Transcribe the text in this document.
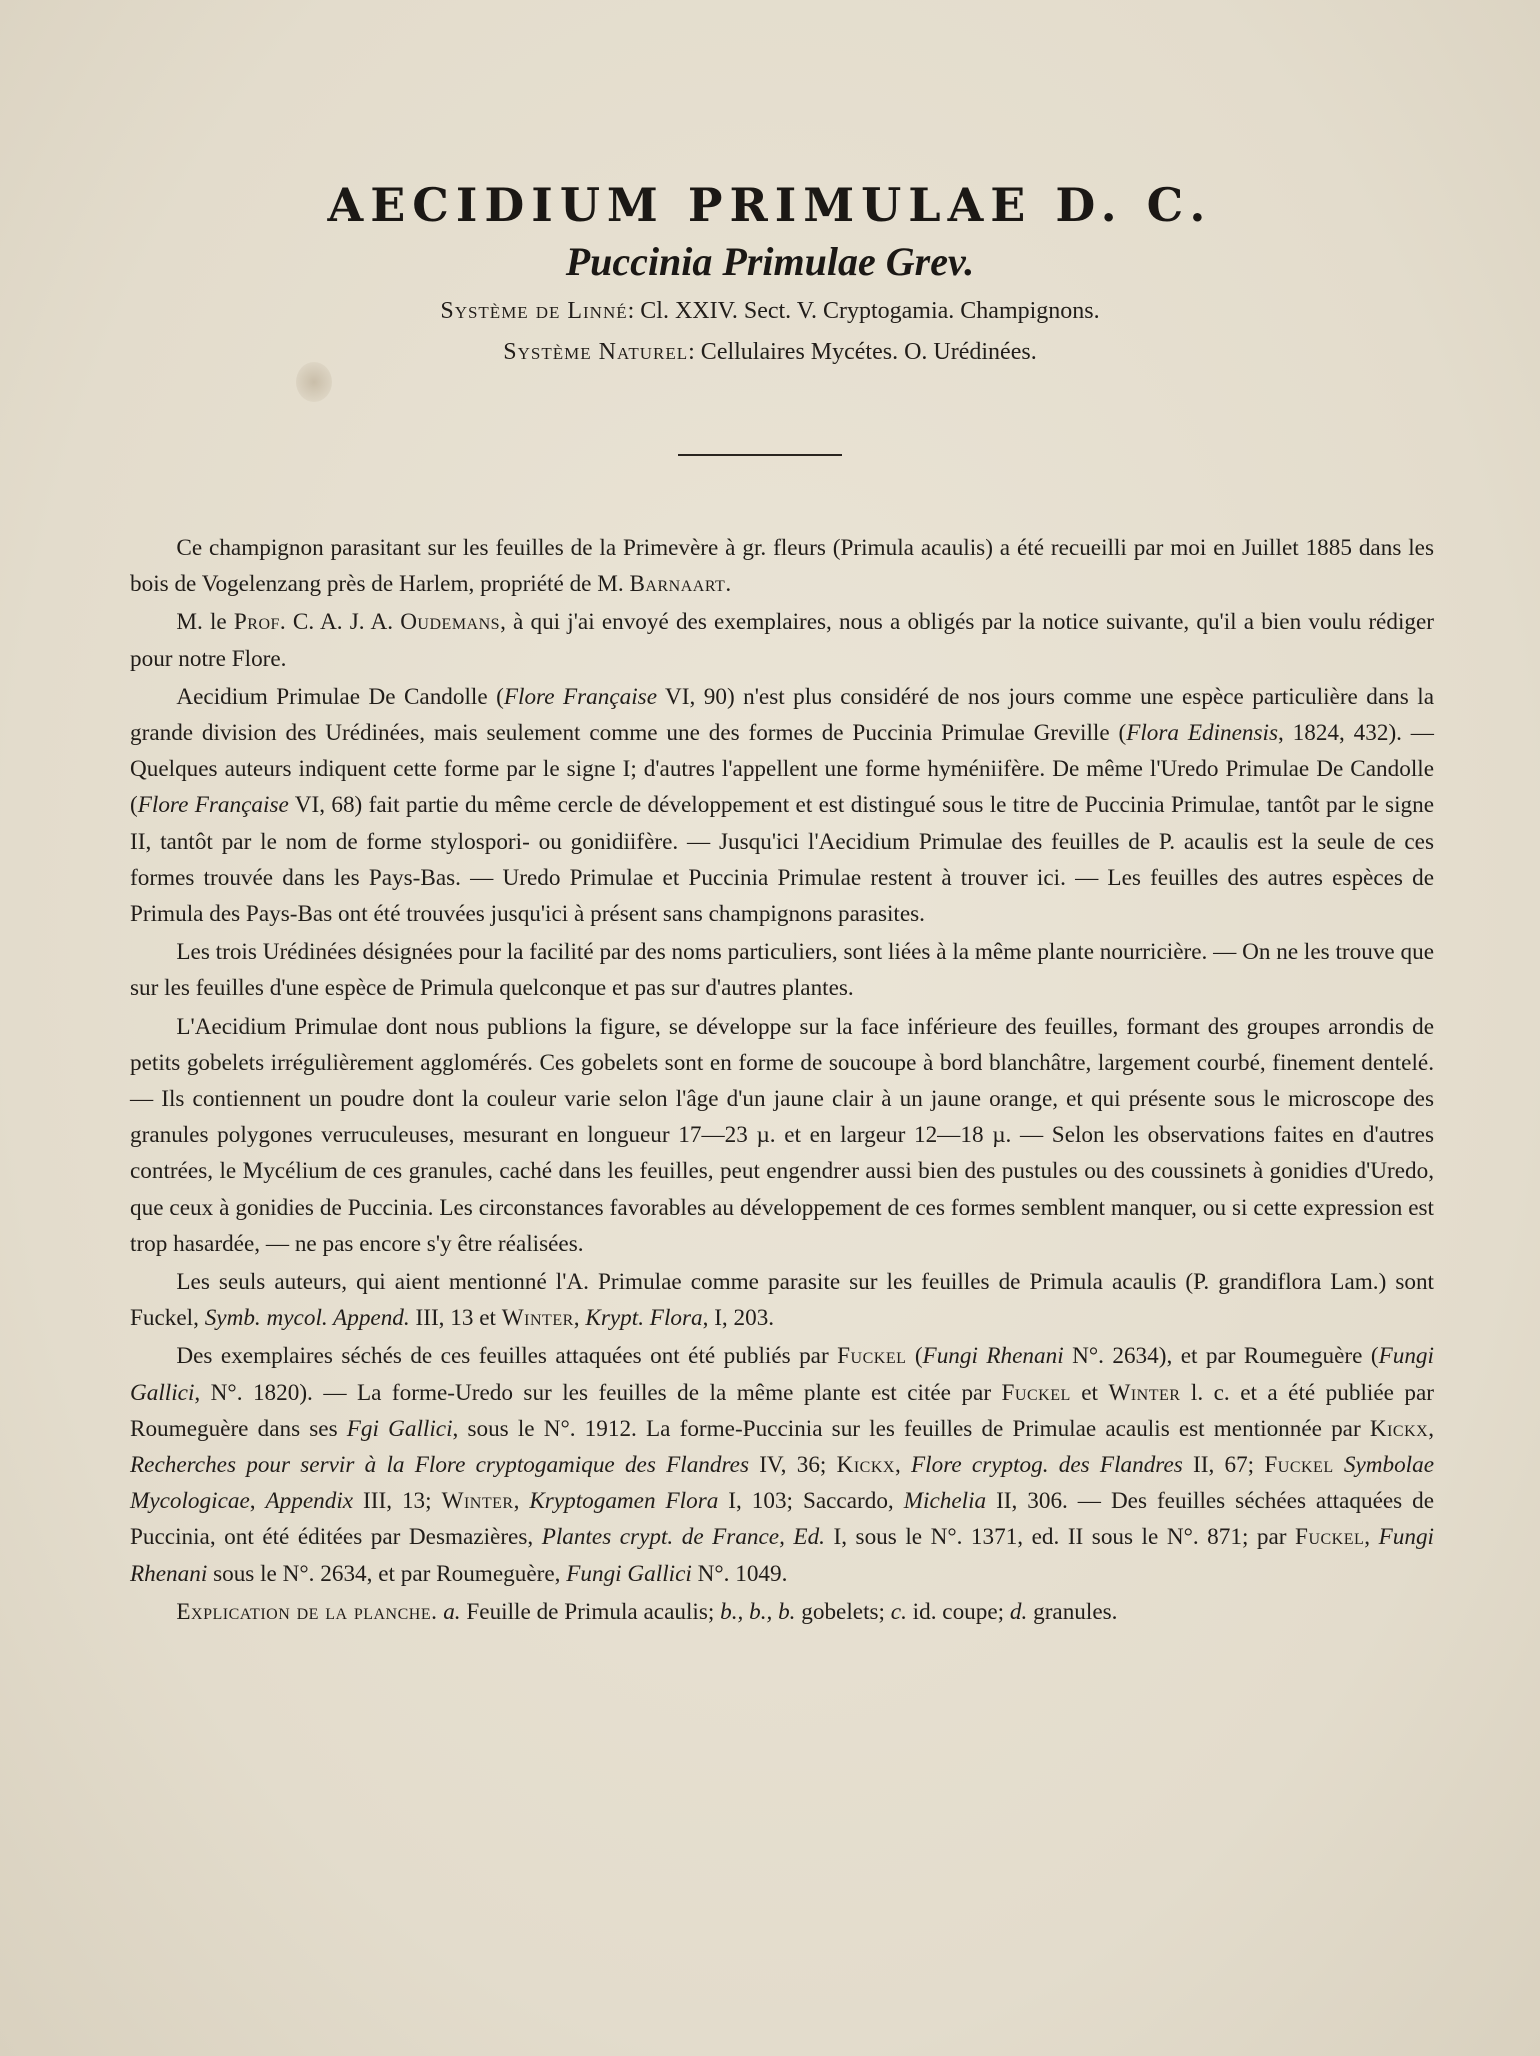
AECIDIUM PRIMULAE D. C.
Puccinia Primulae Grev.
Système de Linné: Cl. XXIV. Sect. V. Cryptogamia. Champignons.
Système Naturel: Cellulaires Mycétes. O. Urédinées.

Ce champignon parasitant sur les feuilles de la Primevère à gr. fleurs (Primula acaulis) a été recueilli par moi en Juillet 1885 dans les bois de Vogelenzang près de Harlem, propriété de M. Barnaart.

M. le Prof. C. A. J. A. Oudemans, à qui j'ai envoyé des exemplaires, nous a obligés par la notice suivante, qu'il a bien voulu rédiger pour notre Flore.

Aecidium Primulae De Candolle (Flore Française VI, 90) n'est plus considéré de nos jours comme une espèce particulière dans la grande division des Urédinées, mais seulement comme une des formes de Puccinia Primulae Greville (Flora Edinensis, 1824, 432). — Quelques auteurs indiquent cette forme par le signe I; d'autres l'appellent une forme hyméniifère. De même l'Uredo Primulae De Candolle (Flore Française VI, 68) fait partie du même cercle de développement et est distingué sous le titre de Puccinia Primulae, tantôt par le signe II, tantôt par le nom de forme stylospori- ou gonidiifère. — Jusqu'ici l'Aecidium Primulae des feuilles de P. acaulis est la seule de ces formes trouvée dans les Pays-Bas. — Uredo Primulae et Puccinia Primulae restent à trouver ici. — Les feuilles des autres espèces de Primula des Pays-Bas ont été trouvées jusqu'ici à présent sans champignons parasites.

Les trois Urédinées désignées pour la facilité par des noms particuliers, sont liées à la même plante nourricière. — On ne les trouve que sur les feuilles d'une espèce de Primula quelconque et pas sur d'autres plantes.

L'Aecidium Primulae dont nous publions la figure, se développe sur la face inférieure des feuilles, formant des groupes arrondis de petits gobelets irrégulièrement agglomérés. Ces gobelets sont en forme de soucoupe à bord blanchâtre, largement courbé, finement dentelé. — Ils contiennent un poudre dont la couleur varie selon l'âge d'un jaune clair à un jaune orange, et qui présente sous le microscope des granules polygones verruculeuses, mesurant en longueur 17—23 µ. et en largeur 12—18 µ. — Selon les observations faites en d'autres contrées, le Mycélium de ces granules, caché dans les feuilles, peut engendrer aussi bien des pustules ou des coussinets à gonidies d'Uredo, que ceux à gonidies de Puccinia. Les circonstances favorables au développement de ces formes semblent manquer, ou si cette expression est trop hasardée, — ne pas encore s'y être réalisées.

Les seuls auteurs, qui aient mentionné l'A. Primulae comme parasite sur les feuilles de Primula acaulis (P. grandiflora Lam.) sont Fuckel, Symb. mycol. Append. III, 13 et Winter, Krypt. Flora, I, 203.

Des exemplaires séchés de ces feuilles attaquées ont été publiés par Fuckel (Fungi Rhenani N°. 2634), et par Roumeguère (Fungi Gallici, N°. 1820). — La forme-Uredo sur les feuilles de la même plante est citée par Fuckel et Winter l. c. et a été publiée par Roumeguère dans ses Fgi Gallici, sous le N°. 1912. La forme-Puccinia sur les feuilles de Primulae acaulis est mentionnée par Kickx, Recherches pour servir à la Flore cryptogamique des Flandres IV, 36; Kickx, Flore cryptog. des Flandres II, 67; Fuckel Symbolae Mycologicae, Appendix III, 13; Winter, Kryptogamen Flora I, 103; Saccardo, Michelia II, 306. — Des feuilles séchées attaquées de Puccinia, ont été éditées par Desmazières, Plantes crypt. de France, Ed. I, sous le N°. 1371, ed. II sous le N°. 871; par Fuckel, Fungi Rhenani sous le N°. 2634, et par Roumeguère, Fungi Gallici N°. 1049.

Explication de la planche. a. Feuille de Primula acaulis; b., b., b. gobelets; c. id. coupe; d. granules.
